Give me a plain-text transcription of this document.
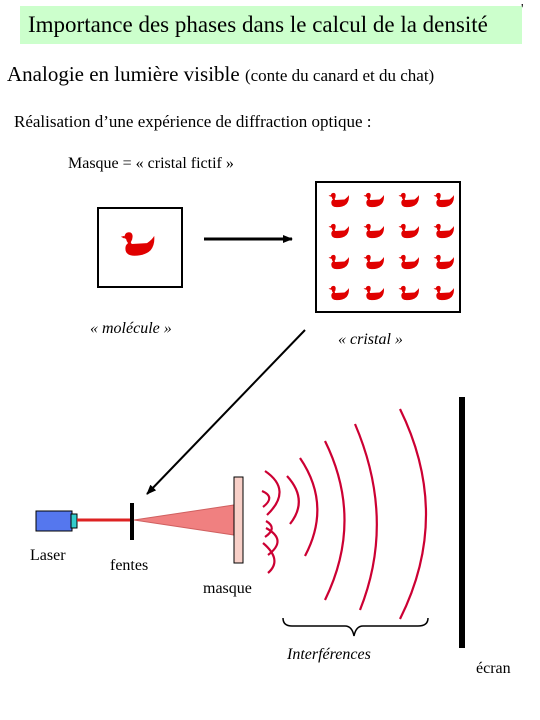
Importance des phases dans le calcul de la densité
'
Analogie en lumière visible (conte du canard et du chat)
Réalisation d’une expérience de diffraction optique :
Masque = « cristal fictif »
« molécule »
« cristal »
Laser
fentes
masque
Interférences
écran
